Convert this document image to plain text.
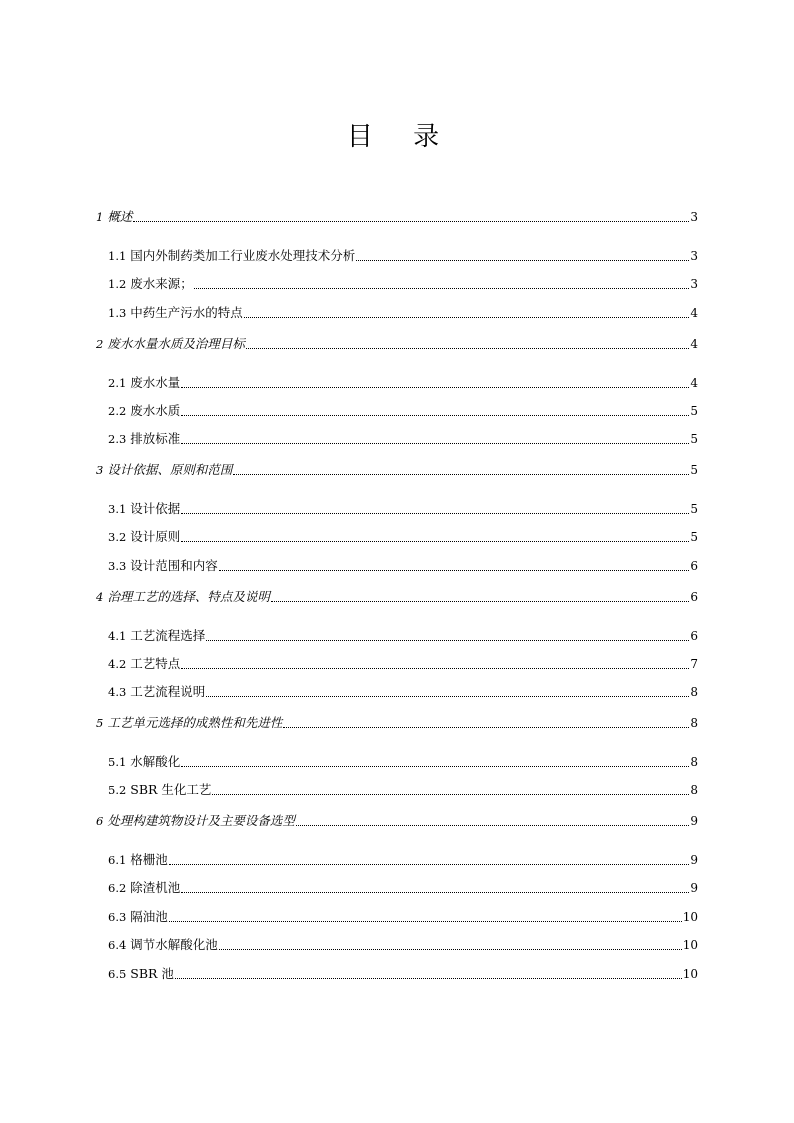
目 录
1 概述	3
1.1 国内外制药类加工行业废水处理技术分析	3
1.2 废水来源；	3
1.3 中药生产污水的特点	4
2 废水水量水质及治理目标	4
2.1 废水水量	4
2.2 废水水质	5
2.3 排放标准	5
3 设计依据、原则和范围	5
3.1 设计依据	5
3.2 设计原则	5
3.3 设计范围和内容	6
4 治理工艺的选择、特点及说明	6
4.1 工艺流程选择	6
4.2 工艺特点	7
4.3 工艺流程说明	8
5 工艺单元选择的成熟性和先进性	8
5.1 水解酸化	8
5.2 SBR 生化工艺	8
6 处理构建筑物设计及主要设备选型	9
6.1 格栅池	9
6.2 除渣机池	9
6.3 隔油池	10
6.4 调节水解酸化池	10
6.5 SBR 池	10
